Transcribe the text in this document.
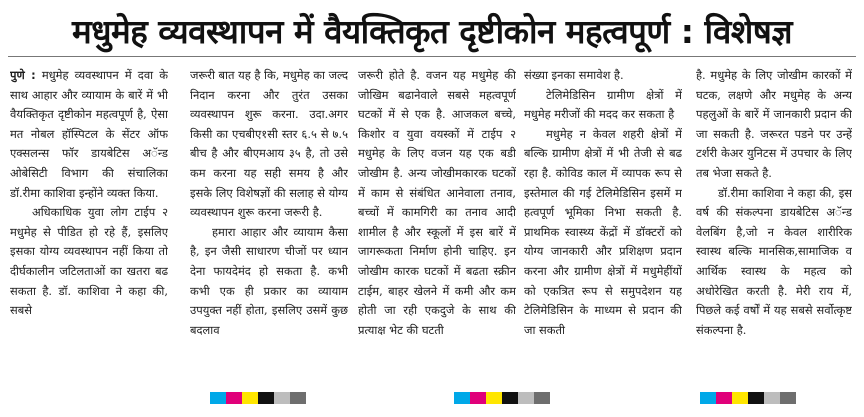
मधुमेह व्यवस्थापन में वैयक्तिकृत दृष्टीकोन महत्वपूर्ण : विशेषज्ञ

पुणे : मधुमेह व्यवस्थापन में दवा के साथ आहार और व्यायाम के बारें में भी वैयक्तिकृत दृष्टीकोन महत्वपूर्ण है, ऐसा मत नोबल हॉस्पिटल के सेंटर ऑफ एक्सलन्स फॉर डायबेटिस अॅन्ड ओबेसिटी विभाग की संचालिका डॉ.रीमा काशिवा इन्होंने व्यक्त किया.

अधिकाधिक युवा लोग टाईप २ मधुमेह से पीडित हो रहे हैं, इसलिए इसका योग्य व्यवस्थापन नहीं किया तो दीर्घकालीन जटिलताओं का खतरा बढ सकता है. डॉ. काशिवा ने कहा की, सबसे

जरूरी बात यह है कि, मधुमेह का जल्द निदान करना और तुरंत उसका व्यवस्थापन शुरू करना. उदा.अगर किसी का एचबीए१सी स्तर ६.५ से ७.५ बीच है और बीएमआय ३५ है, तो उसे कम करना यह सही समय है और इसके लिए विशेषज्ञों की सलाह से योग्य व्यवस्थापन शुरू करना जरूरी है.

हमारा आहार और व्यायाम कैसा है, इन जैसी साधारण चीजों पर ध्यान देना फायदेमंद हो सकता है. कभी कभी एक ही प्रकार का व्यायाम उपयुक्त नहीं होता, इसलिए उसमें कुछ बदलाव

जरूरी होते है. वजन यह मधुमेह की जोखिम बढानेवाले सबसे महत्वपूर्ण घटकों में से एक है. आजकल बच्चे, किशोर व युवा वयस्कों में टाईप २ मधुमेह के लिए वजन यह एक बडी जोखीम है. अन्य जोखीमकारक घटकों में काम से संबंधित आनेवाला तनाव, बच्चों में कामगिरी का तनाव आदी शामील है और स्कूलों में इस बारें में जागरूकता निर्माण होनी चाहिए. इन जोखीम कारक घटकों में बढता स्क्रीन टाईम, बाहर खेलने में कमी और कम होती जा रही एकदुजे के साथ की प्रत्याक्ष भेट की घटती

संख्या इनका समावेश है.

टेलिमेडिसिन ग्रामीण क्षेत्रों में मधुमेह मरीजों की मदद कर सकता है

मधुमेह न केवल शहरी क्षेत्रों में बल्कि ग्रामीण क्षेत्रों में भी तेजी से बढ रहा है. कोविड काल में व्यापक रूप से इस्तेमाल की गई टेलिमेडिसिन इसमें म हत्वपूर्ण भूमिका निभा सकती है. प्राथमिक स्वास्थ्य केंद्रों में डॉक्टरों को योग्य जानकारी और प्रशिक्षण प्रदान करना और ग्रामीण क्षेत्रों में मधुमेहींयों को एकत्रित रूप से समुपदेशन यह टेलिमेडिसिन के माध्यम से प्रदान की जा सकती

है. मधुमेह के लिए जोखीम कारकों में घटक, लक्षणे और मधुमेह के अन्य पहलुओं के बारें में जानकारी प्रदान की जा सकती है. जरूरत पडने पर उन्हें टर्शरी केअर युनिटस में उपचार के लिए तब भेजा सकते है.

डॉ.रीमा काशिवा ने कहा की, इस वर्ष की संकल्पना डायबेटिस अॅन्ड वेलबिंग है,जो न केवल शारीरिक स्वास्थ बल्कि मानसिक,सामाजिक व आर्थिक स्वास्थ के महत्व को अधोरेखित करती है. मेरी राय में, पिछले कई वर्षों में यह सबसे सर्वोत्कृष्ट संकल्पना है.
